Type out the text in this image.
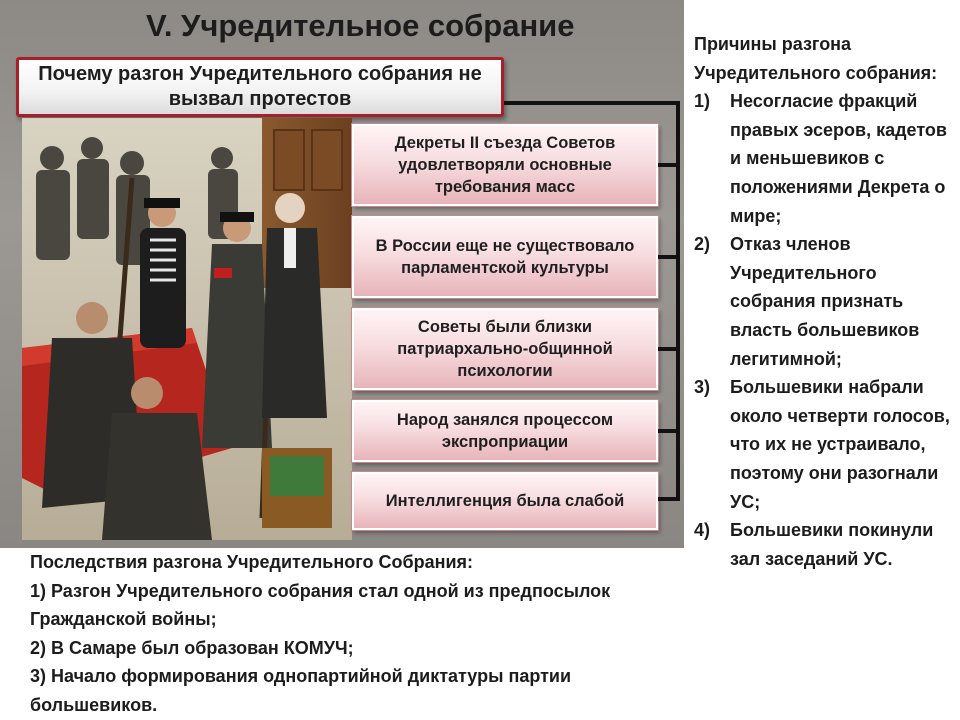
V. Учредительное собрание
Почему разгон Учредительного собрания не вызвал протестов
Декреты II съезда Советов удовлетворяли основные требования масс
В России еще не существовало парламентской культуры
Советы были близки патриархально-общинной психологии
Народ занялся процессом экспроприации
Интеллигенция была слабой
Причины разгона Учредительного собрания:
1)	Несогласие фракций правых эсеров, кадетов и меньшевиков с положениями Декрета о мире;
2)	Отказ членов Учредительного собрания признать власть большевиков легитимной;
3)	Большевики набрали около четверти голосов, что их не устраивало, поэтому они разогнали УС;
4)	Большевики покинули зал заседаний УС.
Последствия разгона Учредительного Собрания:
1) Разгон Учредительного собрания стал одной из предпосылок Гражданской войны;
2) В Самаре был образован КОМУЧ;
3) Начало формирования однопартийной диктатуры партии большевиков.
